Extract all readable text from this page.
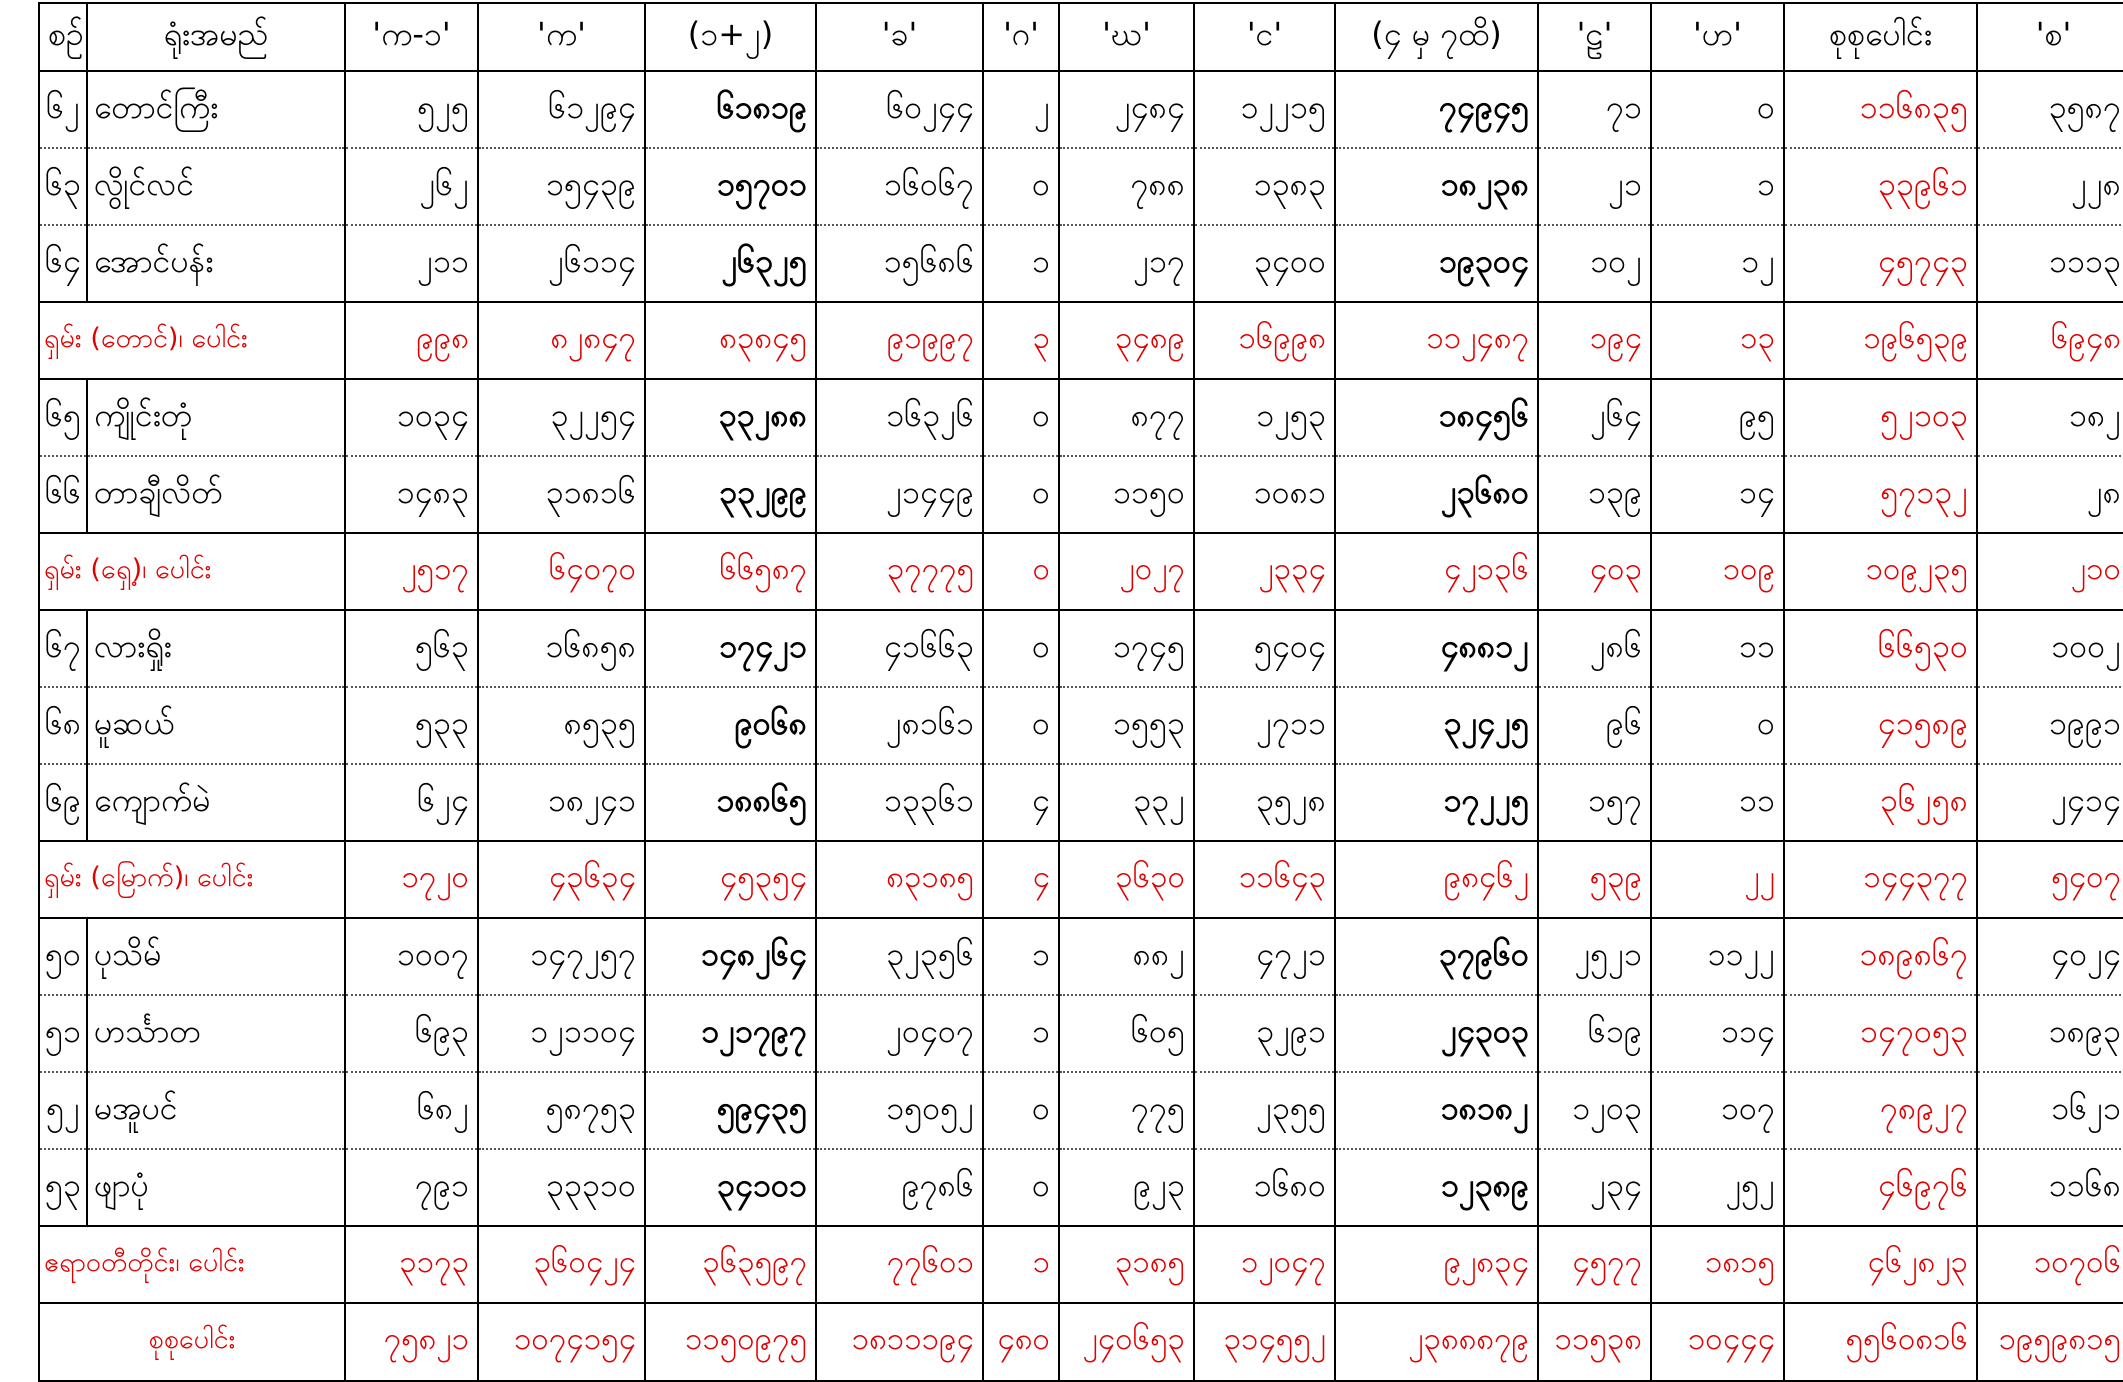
စဉ်	ရုံးအမည်	'က-၁'	'က'	(၁+၂)	'ခ'	'ဂ'	'ဃ'	'င'	(၄ မှ ၇ထိ)	'ဠ'	'ဟ'	စုစုပေါင်း	'စ'
၆၂	တောင်ကြီး	၅၂၅	၆၁၂၉၄	၆၁၈၁၉	၆၀၂၄၄	၂	၂၄၈၄	၁၂၂၁၅	၇၄၉၄၅	၇၁	၀	၁၁၆၈၃၅	၃၅၈၇
၆၃	လွိုင်လင်	၂၆၂	၁၅၄၃၉	၁၅၇၀၁	၁၆၀၆၇	၀	၇၈၈	၁၃၈၃	၁၈၂၃၈	၂၁	၁	၃၃၉၆၁	၂၂၈
၆၄	အောင်ပန်း	၂၁၁	၂၆၁၁၄	၂၆၃၂၅	၁၅၆၈၆	၁	၂၁၇	၃၄၀၀	၁၉၃၀၄	၁၀၂	၁၂	၄၅၇၄၃	၁၁၁၃
ရှမ်း (တောင်)၊ ပေါင်း		၉၉၈	၈၂၈၄၇	၈၃၈၄၅	၉၁၉၉၇	၃	၃၄၈၉	၁၆၉၉၈	၁၁၂၄၈၇	၁၉၄	၁၃	၁၉၆၅၃၉	၆၉၄၈
၆၅	ကျိုင်းတုံ	၁၀၃၄	၃၂၂၅၄	၃၃၂၈၈	၁၆၃၂၆	၀	၈၇၇	၁၂၅၃	၁၈၄၅၆	၂၆၄	၉၅	၅၂၁၀၃	၁၈၂
၆၆	တာချီလိတ်	၁၄၈၃	၃၁၈၁၆	၃၃၂၉၉	၂၁၄၄၉	၀	၁၁၅၀	၁၀၈၁	၂၃၆၈၀	၁၃၉	၁၄	၅၇၁၃၂	၂၈
ရှမ်း (ရှေ့)၊ ပေါင်း		၂၅၁၇	၆၄၀၇၀	၆၆၅၈၇	၃၇၇၇၅	၀	၂၀၂၇	၂၃၃၄	၄၂၁၃၆	၄၀၃	၁၀၉	၁၀၉၂၃၅	၂၁၀
၆၇	လားရှိုး	၅၆၃	၁၆၈၅၈	၁၇၄၂၁	၄၁၆၆၃	၀	၁၇၄၅	၅၄၀၄	၄၈၈၁၂	၂၈၆	၁၁	၆၆၅၃၀	၁၀၀၂
၆၈	မူဆယ်	၅၃၃	၈၅၃၅	၉၀၆၈	၂၈၁၆၁	၀	၁၅၅၃	၂၇၁၁	၃၂၄၂၅	၉၆	၀	၄၁၅၈၉	၁၉၉၁
၆၉	ကျောက်မဲ	၆၂၄	၁၈၂၄၁	၁၈၈၆၅	၁၃၃၆၁	၄	၃၃၂	၃၅၂၈	၁၇၂၂၅	၁၅၇	၁၁	၃၆၂၅၈	၂၄၁၄
ရှမ်း (မြောက်)၊ ပေါင်း		၁၇၂၀	၄၃၆၃၄	၄၅၃၅၄	၈၃၁၈၅	၄	၃၆၃၀	၁၁၆၄၃	၉၈၄၆၂	၅၃၉	၂၂	၁၄၄၃၇၇	၅၄၀၇
၅၀	ပုသိမ်	၁၀၀၇	၁၄၇၂၅၇	၁၄၈၂၆၄	၃၂၃၅၆	၁	၈၈၂	၄၇၂၁	၃၇၉၆၀	၂၅၂၁	၁၁၂၂	၁၈၉၈၆၇	၄၀၂၄
၅၁	ဟင်္သာတ	၆၉၃	၁၂၁၁၀၄	၁၂၁၇၉၇	၂၀၄၀၇	၁	၆၀၅	၃၂၉၁	၂၄၃၀၃	၆၁၉	၁၁၄	၁၄၇၀၅၃	၁၈၉၃
၅၂	မအူပင်	၆၈၂	၅၈၇၅၃	၅၉၄၃၅	၁၅၀၅၂	၀	၇၇၅	၂၃၅၅	၁၈၁၈၂	၁၂၀၃	၁၀၇	၇၈၉၂၇	၁၆၂၁
၅၃	ဖျာပုံ	၇၉၁	၃၃၃၁၀	၃၄၁၀၁	၉၇၈၆	၀	၉၂၃	၁၆၈၀	၁၂၃၈၉	၂၃၄	၂၅၂	၄၆၉၇၆	၁၁၆၈
ဧရာဝတီတိုင်း၊ ပေါင်း		၃၁၇၃	၃၆၀၄၂၄	၃၆၃၅၉၇	၇၇၆၀၁	၁	၃၁၈၅	၁၂၀၄၇	၉၂၈၃၄	၄၅၇၇	၁၈၁၅	၄၆၂၈၂၃	၁၀၇၀၆
စုစုပေါင်း		၇၅၈၂၁	၁၀၇၄၁၅၄	၁၁၅၀၉၇၅	၁၈၁၁၁၉၄	၄၈၀	၂၄၀၆၅၃	၃၁၄၅၅၂	၂၃၈၈၈၇၉	၁၁၅၃၈	၁၀၄၄၄	၅၅၆၀၈၁၆	၁၉၅၉၈၁၅
